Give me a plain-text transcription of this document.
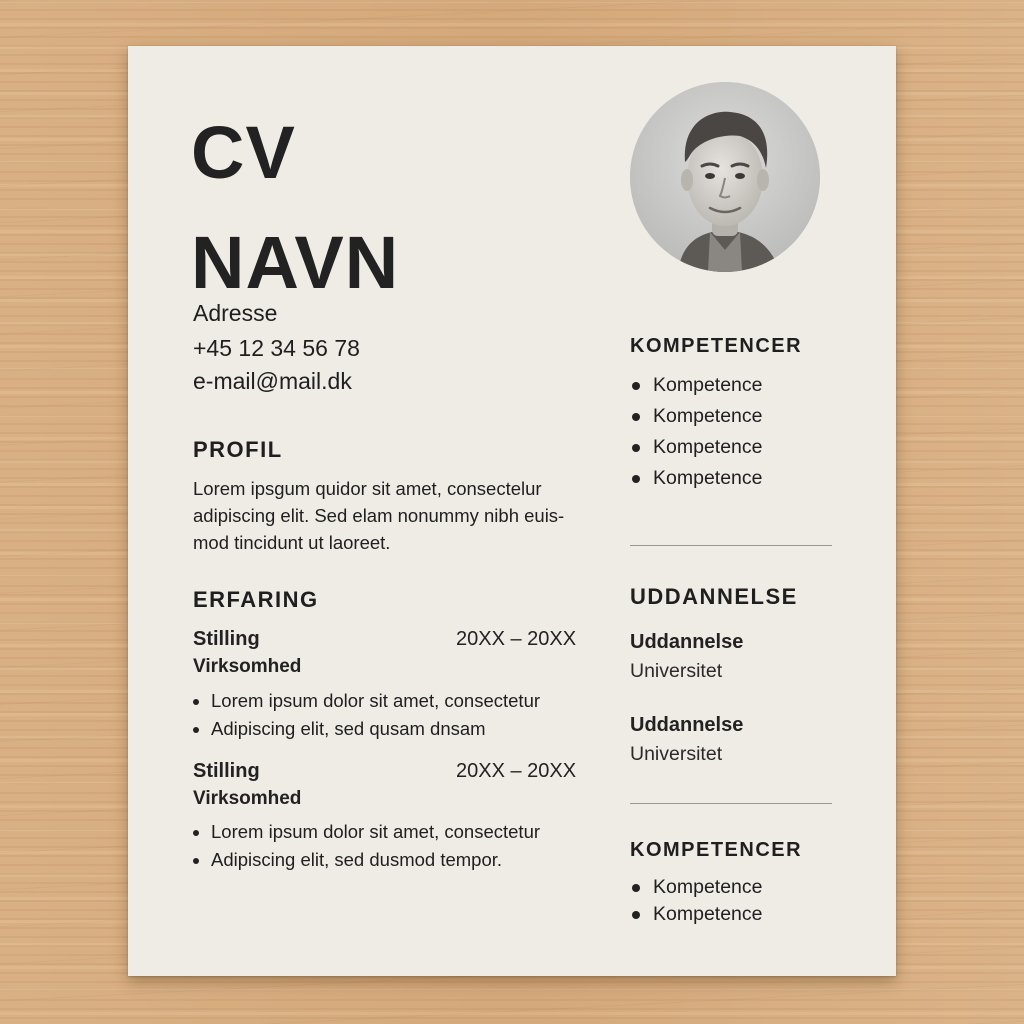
CV
NAVN
Adresse
+45 12 34 56 78
e-mail@mail.dk
PROFIL
Lorem ipsgum quidor sit amet, consectelur adipiscing elit. Sed elam nonummy nibh euis- mod tincidunt ut laoreet.
ERFARING
Stilling	20XX – 20XX
Virksomhed
Lorem ipsum dolor sit amet, consectetur
Adipiscing elit, sed qusam dnsam
Stilling	20XX – 20XX
Virksomhed
Lorem ipsum dolor sit amet, consectetur
Adipiscing elit, sed dusmod tempor.
KOMPETENCER
Kompetence
Kompetence
Kompetence
Kompetence
UDDANNELSE
Uddannelse
Universitet
Uddannelse
Universitet
KOMPETENCER
Kompetence
Kompetence
